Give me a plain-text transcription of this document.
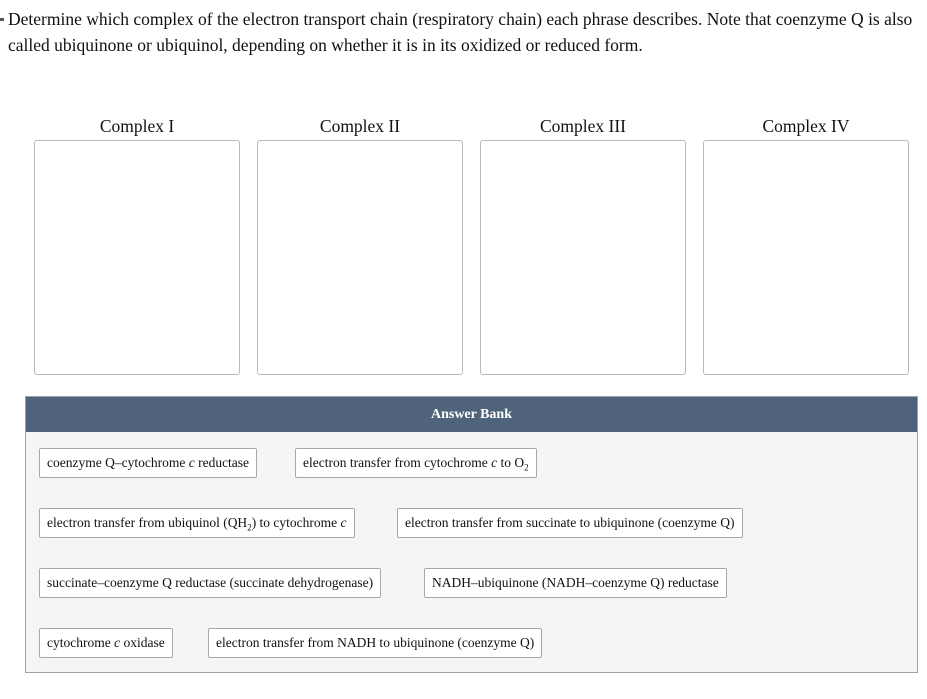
Determine which complex of the electron transport chain (respiratory chain) each phrase describes. Note that coenzyme Q is also called ubiquinone or ubiquinol, depending on whether it is in its oxidized or reduced form.
Complex I	Complex II	Complex III	Complex IV
Answer Bank
coenzyme Q–cytochrome c reductase	electron transfer from cytochrome c to $O_2$
electron transfer from ubiquinol $(QH_2)$ to cytochrome c	electron transfer from succinate to ubiquinone (coenzyme Q)
succinate–coenzyme Q reductase (succinate dehydrogenase)	NADH–ubiquinone (NADH–coenzyme Q) reductase
cytochrome c oxidase	electron transfer from NADH to ubiquinone (coenzyme Q)
